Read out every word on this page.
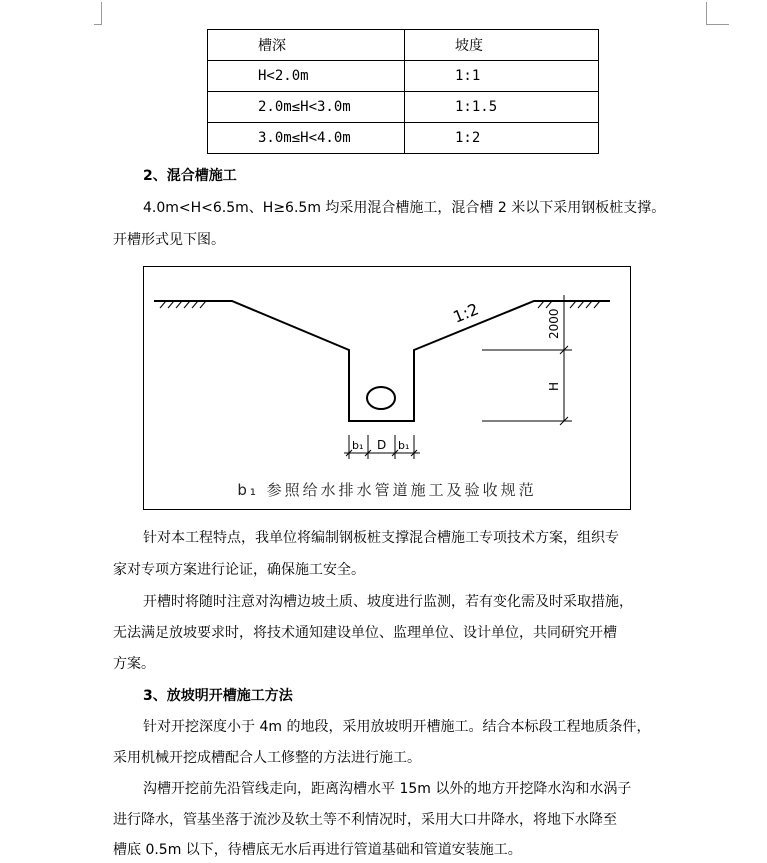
槽深	坡度
H<2.0m	1:1
2.0m≤H<3.0m	1:1.5
3.0m≤H<4.0m	1:2
2、混合槽施工
4.0m<H<6.5m、H≥6.5m 均采用混合槽施工，混合槽 2 米以下采用钢板桩支撑。
开槽形式见下图。
2000
H
1:2
b₁ D b₁
b₁ 参照给水排水管道施工及验收规范
针对本工程特点，我单位将编制钢板桩支撑混合槽施工专项技术方案，组织专
家对专项方案进行论证，确保施工安全。
开槽时将随时注意对沟槽边坡土质、坡度进行监测，若有变化需及时采取措施，
无法满足放坡要求时，将技术通知建设单位、监理单位、设计单位，共同研究开槽
方案。
3、放坡明开槽施工方法
针对开挖深度小于 4m 的地段，采用放坡明开槽施工。结合本标段工程地质条件，
采用机械开挖成槽配合人工修整的方法进行施工。
沟槽开挖前先沿管线走向，距离沟槽水平 15m 以外的地方开挖降水沟和水涡子
进行降水，管基坐落于流沙及软土等不利情况时，采用大口井降水，将地下水降至
槽底 0.5m 以下，待槽底无水后再进行管道基础和管道安装施工。
